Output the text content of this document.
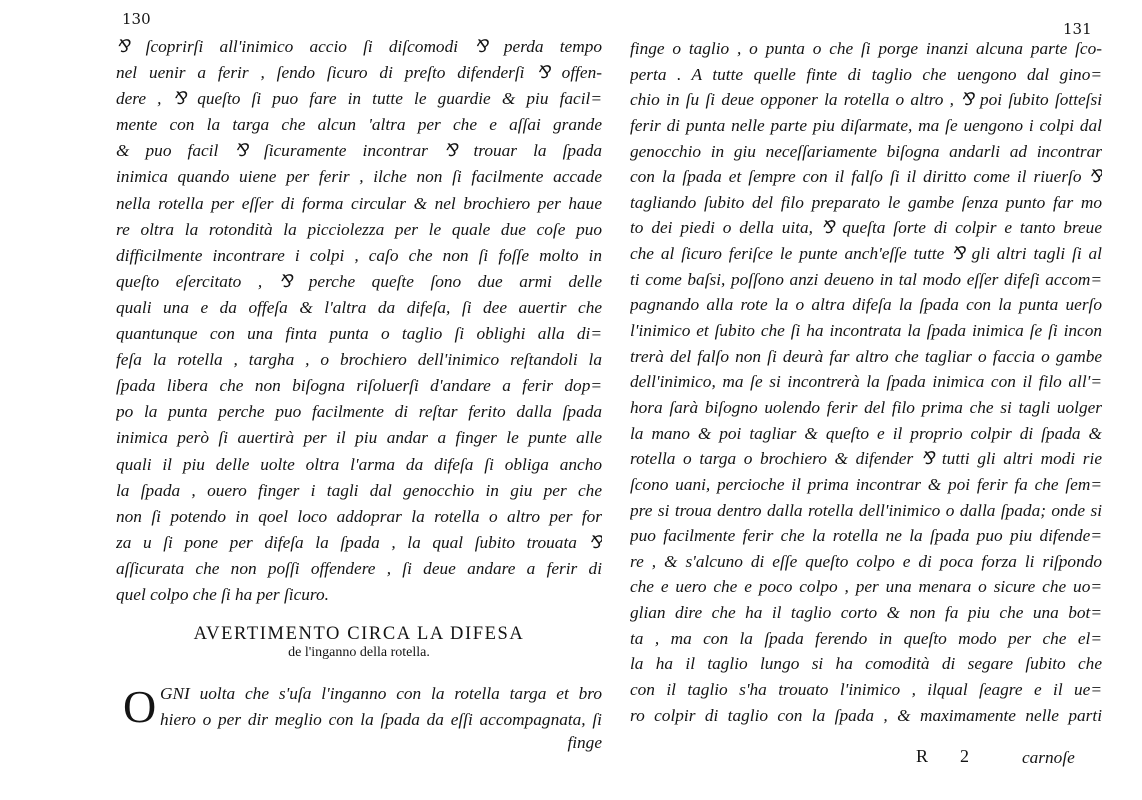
130
131
⅋ ſcoprirſi all'inimico accio ſi diſcomodi ⅋ perda tempo
nel uenir a ferir , ſendo ſicuro di preſto difenderſi ⅋ offen-
dere , ⅋ queſto ſi puo fare in tutte le guardie & piu facil=
mente con la targa che alcun 'altra per che e aſſai grande
& puo facil ⅋ ſicuramente incontrar ⅋ trouar la ſpada
inimica quando uiene per ferir , ilche non ſi facilmente accade
nella rotella per eſſer di forma circular & nel brochiero per haue
re oltra la rotondità la picciolezza per le quale due coſe puo
difficilmente incontrare i colpi , caſo che non ſi foſſe molto in
queſto eſercitato , ⅋ perche queſte ſono due armi delle
quali una e da offeſa & l'altra da difeſa, ſi dee auertir che
quantunque con una finta punta o taglio ſi oblighi alla di=
feſa la rotella , targha , o brochiero dell'inimico reſtandoli la
ſpada libera che non biſogna riſoluerſi d'andare a ferir dop=
po la punta perche puo facilmente di reſtar ferito dalla ſpada
inimica però ſi auertirà per il piu andar a finger le punte alle
quali il piu delle uolte oltra l'arma da difeſa ſi obliga ancho
la ſpada , ouero finger i tagli dal genocchio in giu per che
non ſi potendo in qoel loco addoprar la rotella o altro per for
za u ſi pone per difeſa la ſpada , la qual ſubito trouata ⅋
aſſicurata che non poſſi offendere , ſi deue andare a ferir di
quel colpo che ſi ha per ſicuro.
AVERTIMENTO CIRCA LA DIFESA
de l'inganno della rotella.
O GNI uolta che s'uſa l'inganno con la rotella targa et bro
hiero o per dir meglio con la ſpada da eſſi accompagnata, ſi
finge
finge o taglio , o punta o che ſi porge inanzi alcuna parte ſco-
perta . A tutte quelle finte di taglio che uengono dal gino=
chio in ſu ſi deue opponer la rotella o altro , ⅋ poi ſubito ſotteſsi
ferir di punta nelle parte piu diſarmate, ma ſe uengono i colpi dal
genocchio in giu neceſſariamente biſogna andarli ad incontrar
con la ſpada et ſempre con il falſo ſi il diritto come il riuerſo ⅋
tagliando ſubito del filo preparato le gambe ſenza punto far mo
to dei piedi o della uita, ⅋ queſta ſorte di colpir e tanto breue
che al ſicuro feriſce le punte anch'eſſe tutte ⅋ gli altri tagli ſi al
ti come baſsi, poſſono anzi deueno in tal modo eſſer difeſi accom=
pagnando alla rote la o altra difeſa la ſpada con la punta uerſo
l'inimico et ſubito che ſi ha incontrata la ſpada inimica ſe ſi incon
trerà del falſo non ſi deurà far altro che tagliar o faccia o gambe
dell'inimico, ma ſe si incontrerà la ſpada inimica con il filo all'=
hora ſarà biſogno uolendo ferir del filo prima che si tagli uolger
la mano & poi tagliar & queſto e il proprio colpir di ſpada &
rotella o targa o brochiero & difender ⅋ tutti gli altri modi rie
ſcono uani, percioche il prima incontrar & poi ferir fa che ſem=
pre si troua dentro dalla rotella dell'inimico o dalla ſpada; onde si
puo facilmente ferir che la rotella ne la ſpada puo piu difende=
re , & s'alcuno di eſſe queſto colpo e di poca forza li riſpondo
che e uero che e poco colpo , per una menara o sicure che uo=
glian dire che ha il taglio corto & non fa piu che una bot=
ta , ma con la ſpada ferendo in queſto modo per che el=
la ha il taglio lungo si ha comodità di segare ſubito che
con il taglio s'ha trouato l'inimico , ilqual ſeagre e il ue=
ro colpir di taglio con la ſpada , & maximamente nelle parti
R 2	carnoſe
